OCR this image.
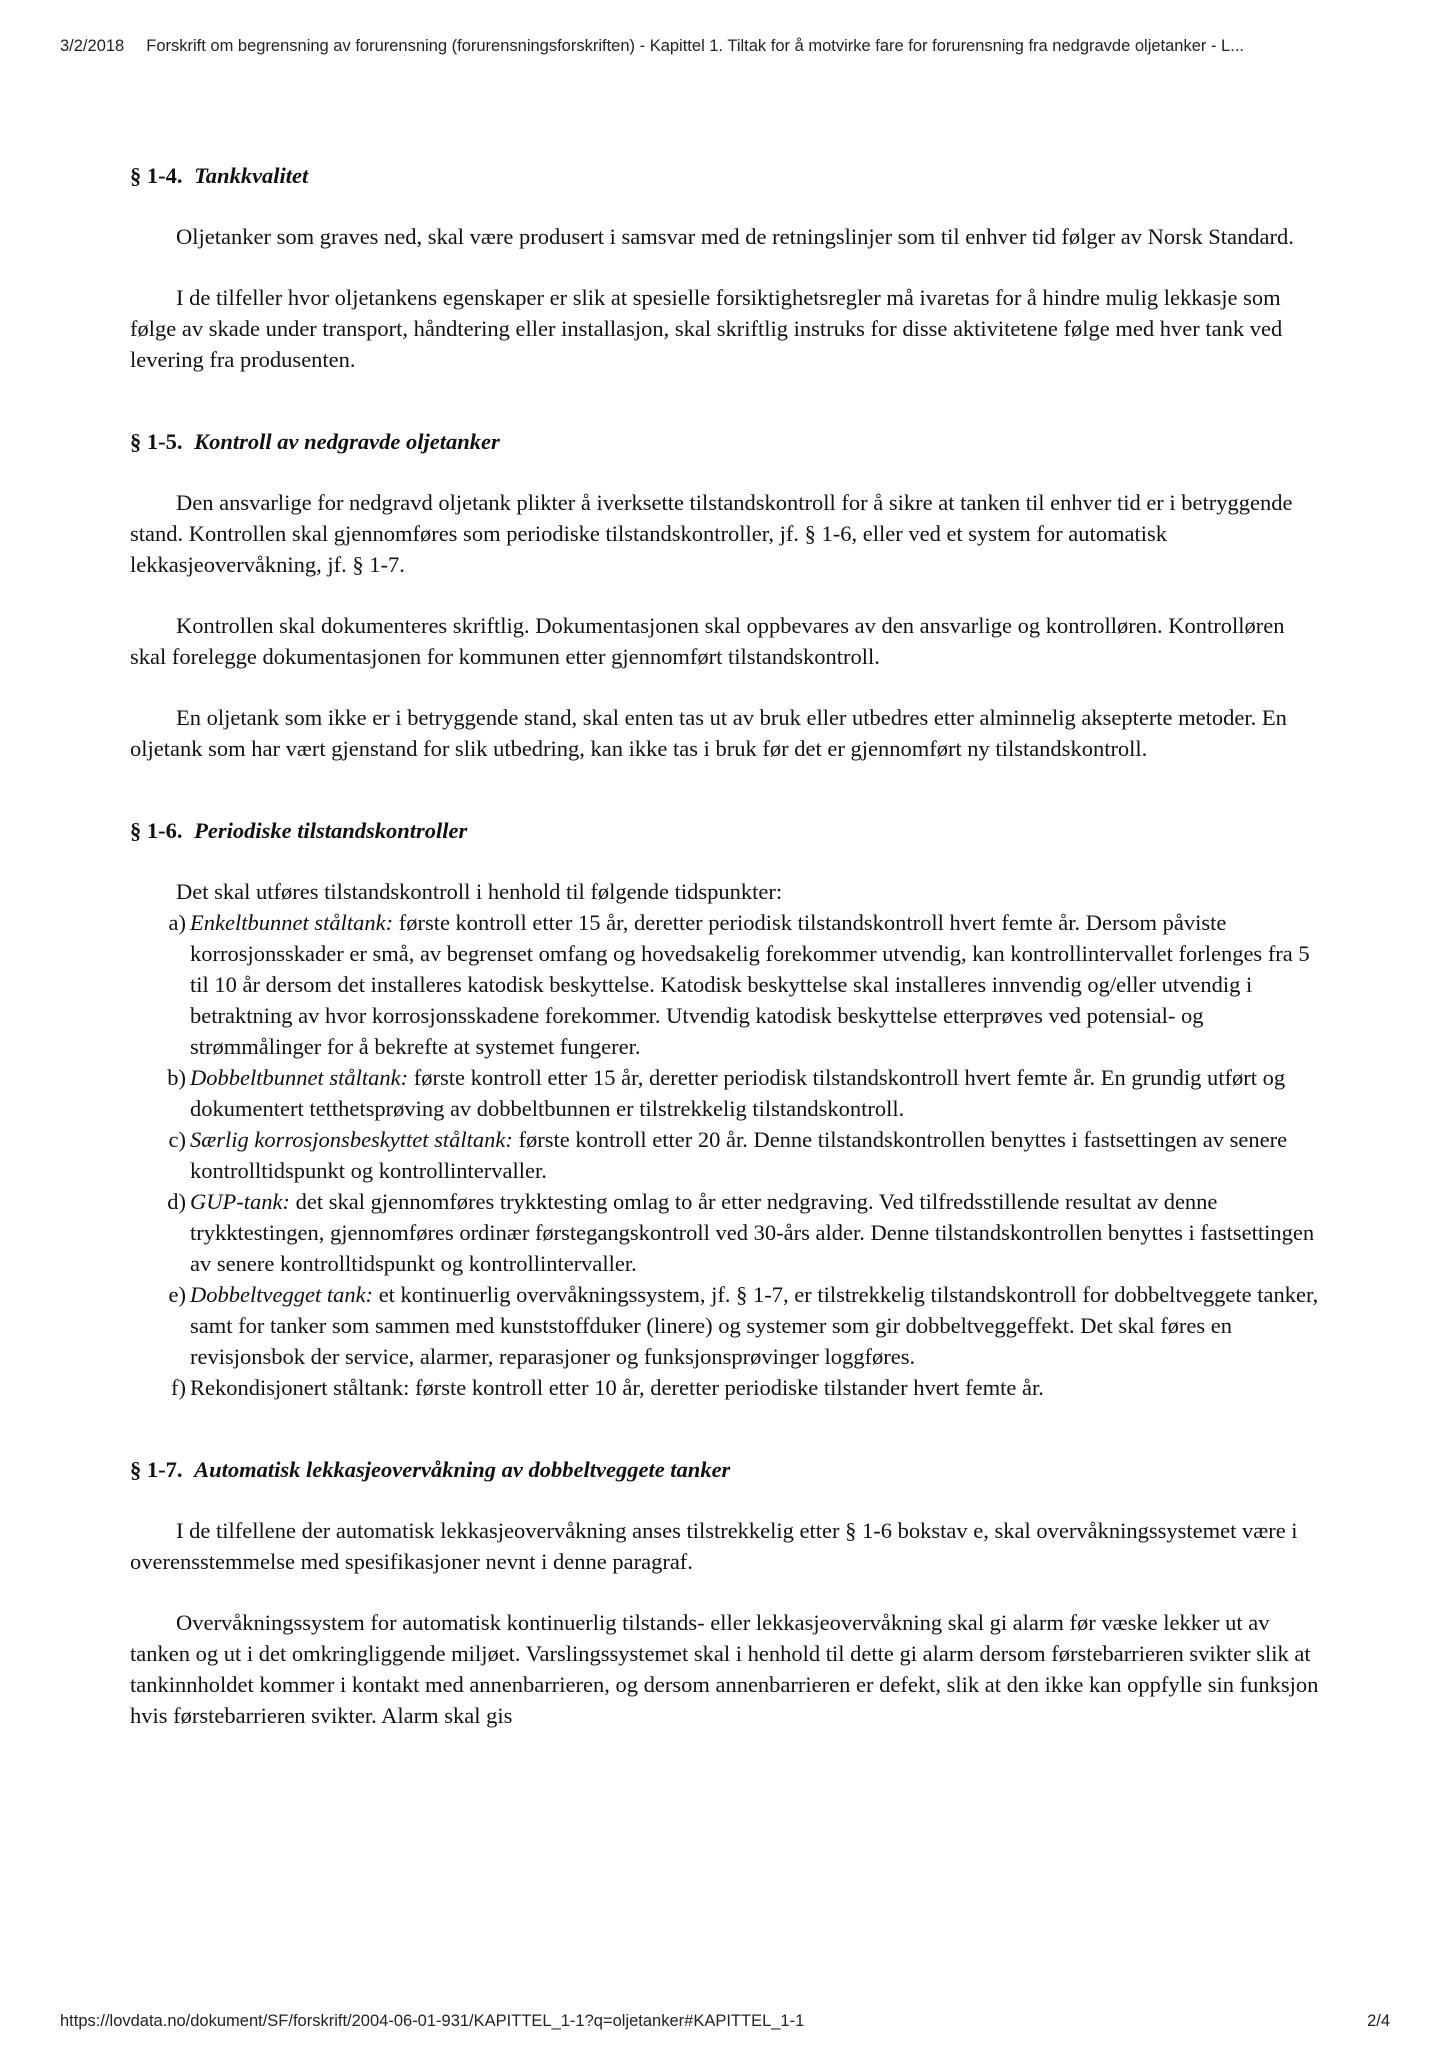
3/2/2018 Forskrift om begrensning av forurensning (forurensningsforskriften) - Kapittel 1. Tiltak for å motvirke fare for forurensning fra nedgravde oljetanker - L...
§ 1-4. Tankkvalitet

Oljetanker som graves ned, skal være produsert i samsvar med de retningslinjer som til enhver tid følger av Norsk Standard.

I de tilfeller hvor oljetankens egenskaper er slik at spesielle forsiktighetsregler må ivaretas for å hindre mulig lekkasje som følge av skade under transport, håndtering eller installasjon, skal skriftlig instruks for disse aktivitetene følge med hver tank ved levering fra produsenten.

§ 1-5. Kontroll av nedgravde oljetanker

Den ansvarlige for nedgravd oljetank plikter å iverksette tilstandskontroll for å sikre at tanken til enhver tid er i betryggende stand. Kontrollen skal gjennomføres som periodiske tilstandskontroller, jf. § 1-6, eller ved et system for automatisk lekkasjeovervåkning, jf. § 1-7.

Kontrollen skal dokumenteres skriftlig. Dokumentasjonen skal oppbevares av den ansvarlige og kontrolløren. Kontrolløren skal forelegge dokumentasjonen for kommunen etter gjennomført tilstandskontroll.

En oljetank som ikke er i betryggende stand, skal enten tas ut av bruk eller utbedres etter alminnelig aksepterte metoder. En oljetank som har vært gjenstand for slik utbedring, kan ikke tas i bruk før det er gjennomført ny tilstandskontroll.

§ 1-6. Periodiske tilstandskontroller
Det skal utføres tilstandskontroll i henhold til følgende tidspunkter:
a) Enkeltbunnet ståltank: første kontroll etter 15 år, deretter periodisk tilstandskontroll hvert femte år. Dersom påviste korrosjonsskader er små, av begrenset omfang og hovedsakelig forekommer utvendig, kan kontrollintervallet forlenges fra 5 til 10 år dersom det installeres katodisk beskyttelse. Katodisk beskyttelse skal installeres innvendig og/eller utvendig i betraktning av hvor korrosjonsskadene forekommer. Utvendig katodisk beskyttelse etterprøves ved potensial- og strømmålinger for å bekrefte at systemet fungerer.
b) Dobbeltbunnet ståltank: første kontroll etter 15 år, deretter periodisk tilstandskontroll hvert femte år. En grundig utført og dokumentert tetthetsprøving av dobbeltbunnen er tilstrekkelig tilstandskontroll.
c) Særlig korrosjonsbeskyttet ståltank: første kontroll etter 20 år. Denne tilstandskontrollen benyttes i fastsettingen av senere kontrolltidspunkt og kontrollintervaller.
d) GUP-tank: det skal gjennomføres trykktesting omlag to år etter nedgraving. Ved tilfredsstillende resultat av denne trykktestingen, gjennomføres ordinær førstegangskontroll ved 30-års alder. Denne tilstandskontrollen benyttes i fastsettingen av senere kontrolltidspunkt og kontrollintervaller.
e) Dobbeltvegget tank: et kontinuerlig overvåkningssystem, jf. § 1-7, er tilstrekkelig tilstandskontroll for dobbeltveggete tanker, samt for tanker som sammen med kunststoffduker (linere) og systemer som gir dobbeltveggeffekt. Det skal føres en revisjonsbok der service, alarmer, reparasjoner og funksjonsprøvinger loggføres.
f) Rekondisjonert ståltank: første kontroll etter 10 år, deretter periodiske tilstander hvert femte år.
§ 1-7. Automatisk lekkasjeovervåkning av dobbeltveggete tanker

I de tilfellene der automatisk lekkasjeovervåkning anses tilstrekkelig etter § 1-6 bokstav e, skal overvåkningssystemet være i overensstemmelse med spesifikasjoner nevnt i denne paragraf.

Overvåkningssystem for automatisk kontinuerlig tilstands- eller lekkasjeovervåkning skal gi alarm før væske lekker ut av tanken og ut i det omkringliggende miljøet. Varslingssystemet skal i henhold til dette gi alarm dersom førstebarrieren svikter slik at tankinnholdet kommer i kontakt med annenbarrieren, og dersom annenbarrieren er defekt, slik at den ikke kan oppfylle sin funksjon hvis førstebarrieren svikter. Alarm skal gis

https://lovdata.no/dokument/SF/forskrift/2004-06-01-931/KAPITTEL_1-1?q=oljetanker#KAPITTEL_1-1	2/4
